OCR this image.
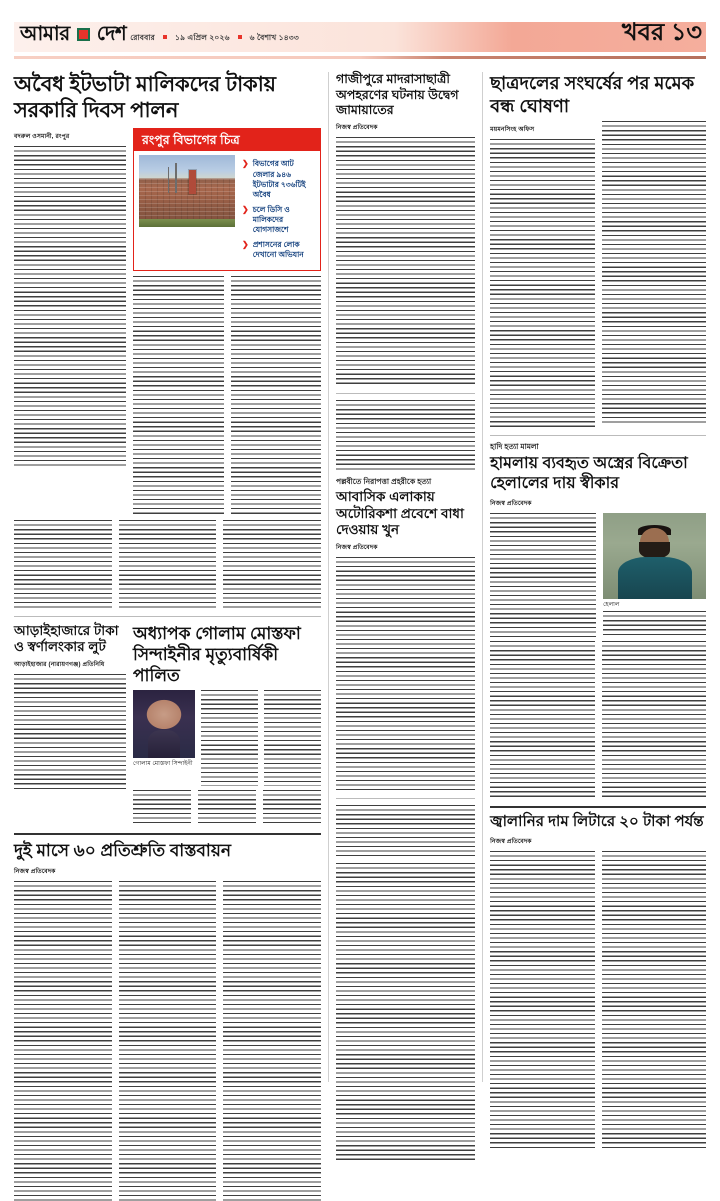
আমার দেশ রোববার	১৯ এপ্রিল ২০২৬	৬ বৈশাখ ১৪৩৩	খবর ১৩
অবৈধ ইটভাটা মালিকদের টাকায় সরকারি দিবস পালন
বদরুল ওসমানী, রংপুর	রংপুর বিভাগের চিত্র
❯ বিভাগের আট জেলার ৯৪৬ ইটভাটার ৭৩৬টিই অবৈধ
❯ চলে ডিসি ও মালিকদের যোগসাজশে
❯ প্রশাসনের লোক দেখানো অভিযান
আড়াইহাজারে টাকা ও স্বর্ণালংকার লুট
আড়াইহাজার (নারায়ণগঞ্জ) প্রতিনিধি
অধ্যাপক গোলাম মোস্তফা সিন্দাইনীর মৃত্যুবার্ষিকী পালিত
গোলাম মোস্তফা সিন্দাইনী
দুই মাসে ৬০ প্রতিশ্রুতি বাস্তবায়ন
নিজস্ব প্রতিবেদক
গাজীপুরে মাদরাসাছাত্রী অপহরণের ঘটনায় উদ্বেগ জামায়াতের
নিজস্ব প্রতিবেদক
পল্লবীতে নিরাপত্তা প্রহরীকে হত্যা
আবাসিক এলাকায় অটোরিকশা প্রবেশে বাধা দেওয়ায় খুন
নিজস্ব প্রতিবেদক
ছাত্রদলের সংঘর্ষের পর মমেক বন্ধ ঘোষণা
ময়মনসিংহ অফিস
হাদি হত্যা মামলা
হামলায় ব্যবহৃত অস্ত্রের বিক্রেতা হেলালের দায় স্বীকার
নিজস্ব প্রতিবেদক
হেলাল
জ্বালানির দাম লিটারে ২০ টাকা পর্যন্ত
নিজস্ব প্রতিবেদক
